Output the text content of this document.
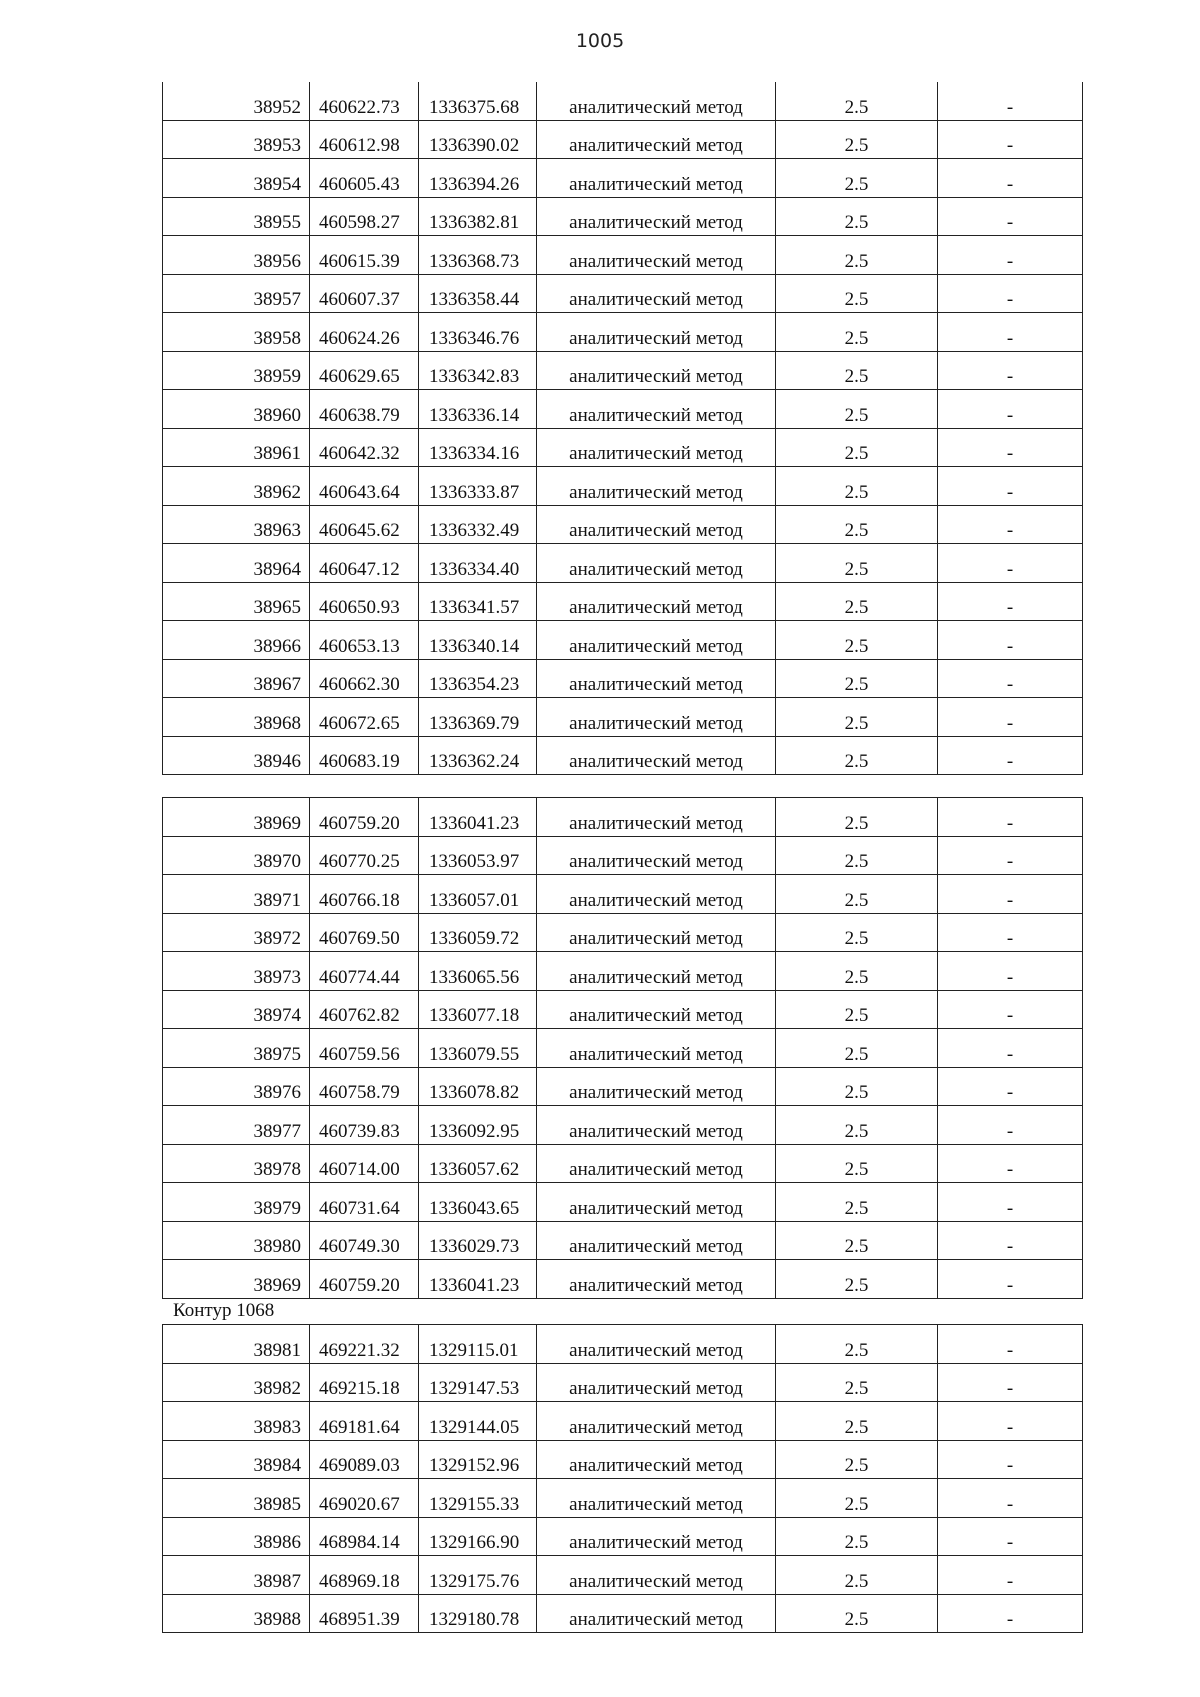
1005
38952	460622.73	1336375.68	аналитический метод	2.5	-
38953	460612.98	1336390.02	аналитический метод	2.5	-
38954	460605.43	1336394.26	аналитический метод	2.5	-
38955	460598.27	1336382.81	аналитический метод	2.5	-
38956	460615.39	1336368.73	аналитический метод	2.5	-
38957	460607.37	1336358.44	аналитический метод	2.5	-
38958	460624.26	1336346.76	аналитический метод	2.5	-
38959	460629.65	1336342.83	аналитический метод	2.5	-
38960	460638.79	1336336.14	аналитический метод	2.5	-
38961	460642.32	1336334.16	аналитический метод	2.5	-
38962	460643.64	1336333.87	аналитический метод	2.5	-
38963	460645.62	1336332.49	аналитический метод	2.5	-
38964	460647.12	1336334.40	аналитический метод	2.5	-
38965	460650.93	1336341.57	аналитический метод	2.5	-
38966	460653.13	1336340.14	аналитический метод	2.5	-
38967	460662.30	1336354.23	аналитический метод	2.5	-
38968	460672.65	1336369.79	аналитический метод	2.5	-
38946	460683.19	1336362.24	аналитический метод	2.5	-
38969	460759.20	1336041.23	аналитический метод	2.5	-
38970	460770.25	1336053.97	аналитический метод	2.5	-
38971	460766.18	1336057.01	аналитический метод	2.5	-
38972	460769.50	1336059.72	аналитический метод	2.5	-
38973	460774.44	1336065.56	аналитический метод	2.5	-
38974	460762.82	1336077.18	аналитический метод	2.5	-
38975	460759.56	1336079.55	аналитический метод	2.5	-
38976	460758.79	1336078.82	аналитический метод	2.5	-
38977	460739.83	1336092.95	аналитический метод	2.5	-
38978	460714.00	1336057.62	аналитический метод	2.5	-
38979	460731.64	1336043.65	аналитический метод	2.5	-
38980	460749.30	1336029.73	аналитический метод	2.5	-
38969	460759.20	1336041.23	аналитический метод	2.5	-
Контур 1068
38981	469221.32	1329115.01	аналитический метод	2.5	-
38982	469215.18	1329147.53	аналитический метод	2.5	-
38983	469181.64	1329144.05	аналитический метод	2.5	-
38984	469089.03	1329152.96	аналитический метод	2.5	-
38985	469020.67	1329155.33	аналитический метод	2.5	-
38986	468984.14	1329166.90	аналитический метод	2.5	-
38987	468969.18	1329175.76	аналитический метод	2.5	-
38988	468951.39	1329180.78	аналитический метод	2.5	-
